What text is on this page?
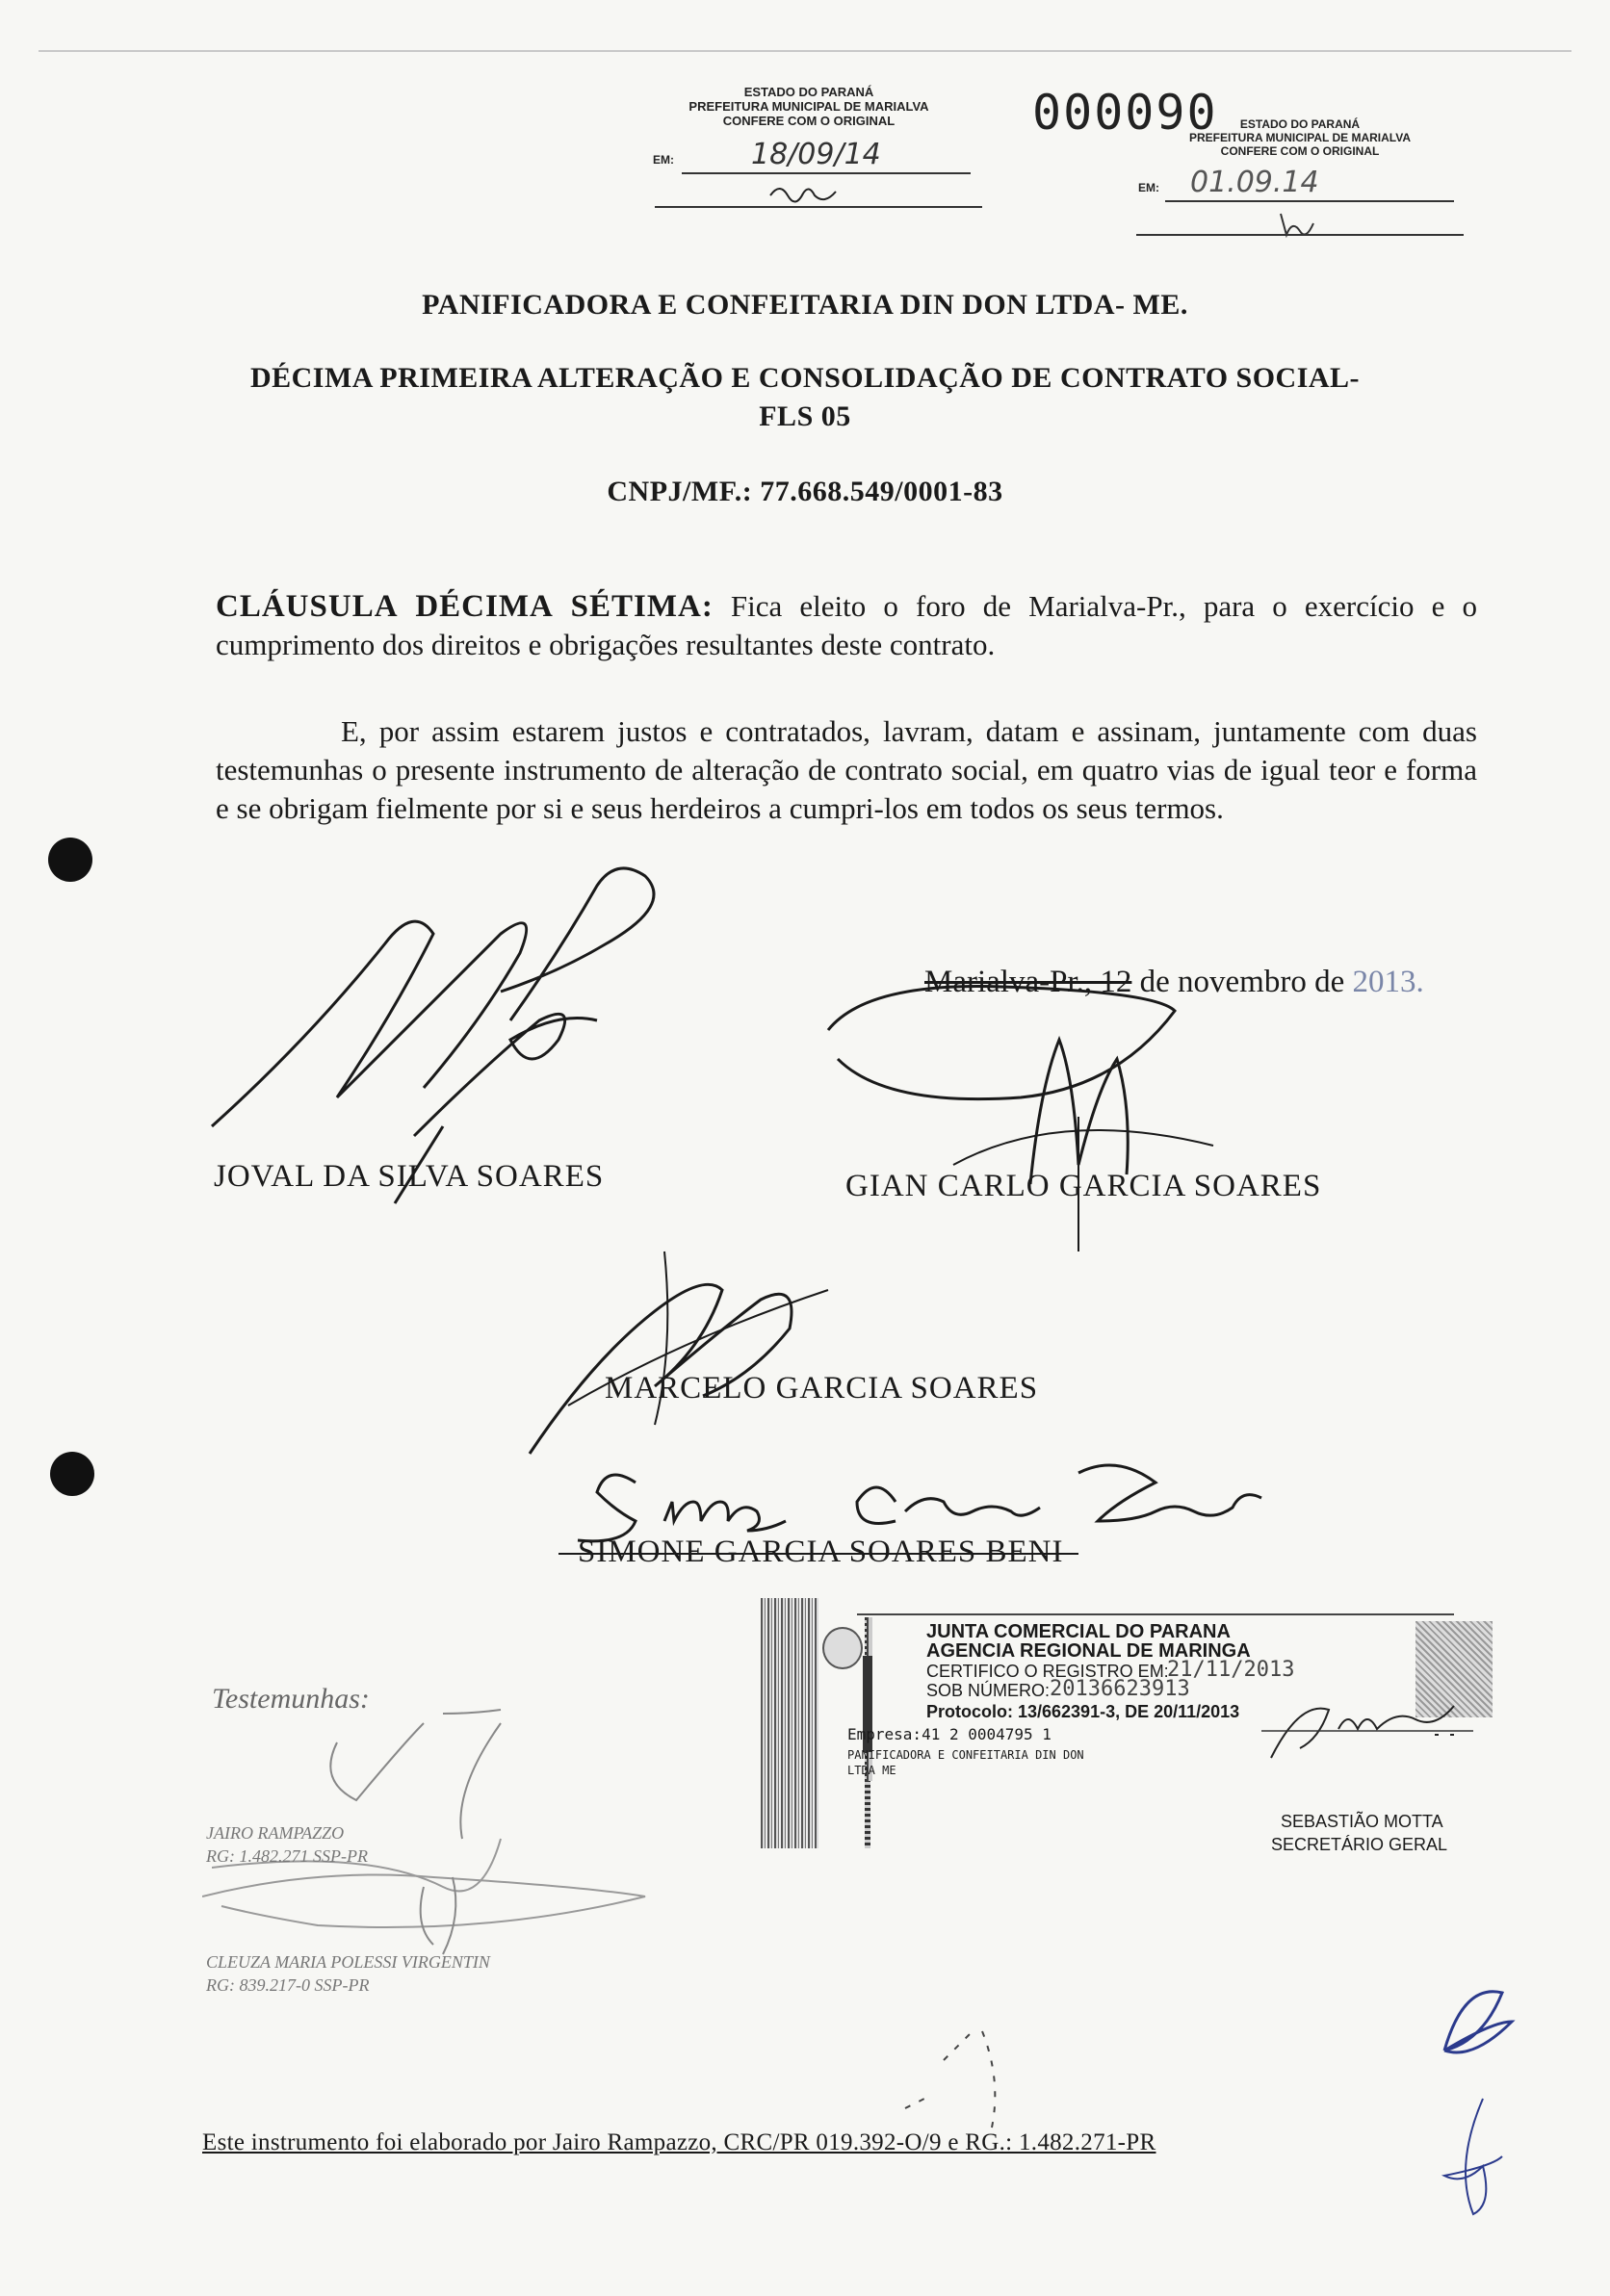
ESTADO DO PARANÁ
PREFEITURA MUNICIPAL DE MARIALVA
CONFERE COM O ORIGINAL
EM:	18/09/14
000090	ESTADO DO PARANÁ
PREFEITURA MUNICIPAL DE MARIALVA
CONFERE COM O ORIGINAL
EM: 01.09.14
PANIFICADORA E CONFEITARIA DIN DON LTDA- ME.
DÉCIMA PRIMEIRA ALTERAÇÃO E CONSOLIDAÇÃO DE CONTRATO SOCIAL-
FLS 05
CNPJ/MF.: 77.668.549/0001-83
CLÁUSULA DÉCIMA SÉTIMA: Fica eleito o foro de Marialva-Pr., para o exercício e o cumprimento dos direitos e obrigações resultantes deste contrato.
E, por assim estarem justos e contratados, lavram, datam e assinam, juntamente com duas testemunhas o presente instrumento de alteração de contrato social, em quatro vias de igual teor e forma e se obrigam fielmente por si e seus herdeiros a cumpri-los em todos os seus termos.
Marialva-Pr., 12 de novembro de 2013.
JOVAL DA SILVA SOARES	GIAN CARLO GARCIA SOARES
MARCELO GARCIA SOARES
SIMONE GARCIA SOARES BENI
Testemunhas:
JAIRO RAMPAZZO
RG: 1.482.271 SSP-PR
CLEUZA MARIA POLESSI VIRGENTIN
RG: 839.217-0 SSP-PR
JUNTA COMERCIAL DO PARANA
AGENCIA REGIONAL DE MARINGA
CERTIFICO O REGISTRO EM:
21/11/2013
SOB NÚMERO: 20136623913
Protocolo: 13/662391-3, DE 20/11/2013
Empresa:41 2 0004795 1
PANIFICADORA E CONFEITARIA DIN DON
LTDA ME
SEBASTIÃO MOTTA
SECRETÁRIO GERAL
Este instrumento foi elaborado por Jairo Rampazzo, CRC/PR 019.392-O/9 e RG.: 1.482.271-PR
